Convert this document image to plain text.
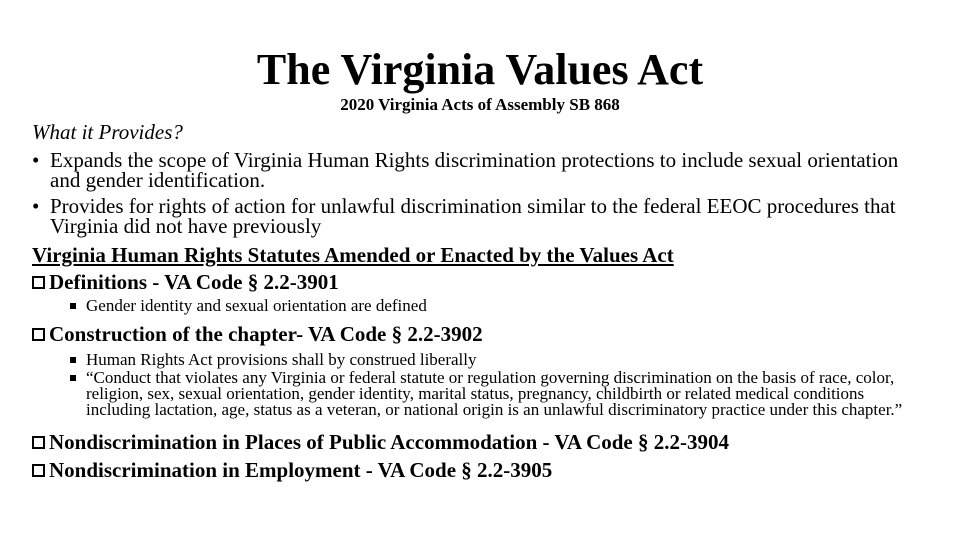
The Virginia Values Act
2020 Virginia Acts of Assembly SB 868
What it Provides?
• Expands the scope of Virginia Human Rights discrimination protections to include sexual orientation and gender identification.
• Provides for rights of action for unlawful discrimination similar to the federal EEOC procedures that Virginia did not have previously
Virginia Human Rights Statutes Amended or Enacted by the Values Act
Definitions - VA Code § 2.2-3901
Gender identity and sexual orientation are defined
Construction of the chapter- VA Code § 2.2-3902
Human Rights Act provisions shall by construed liberally
“Conduct that violates any Virginia or federal statute or regulation governing discrimination on the basis of race, color, religion, sex, sexual orientation, gender identity, marital status, pregnancy, childbirth or related medical conditions including lactation, age, status as a veteran, or national origin is an unlawful discriminatory practice under this chapter.”
Nondiscrimination in Places of Public Accommodation - VA Code § 2.2-3904
Nondiscrimination in Employment - VA Code § 2.2-3905
